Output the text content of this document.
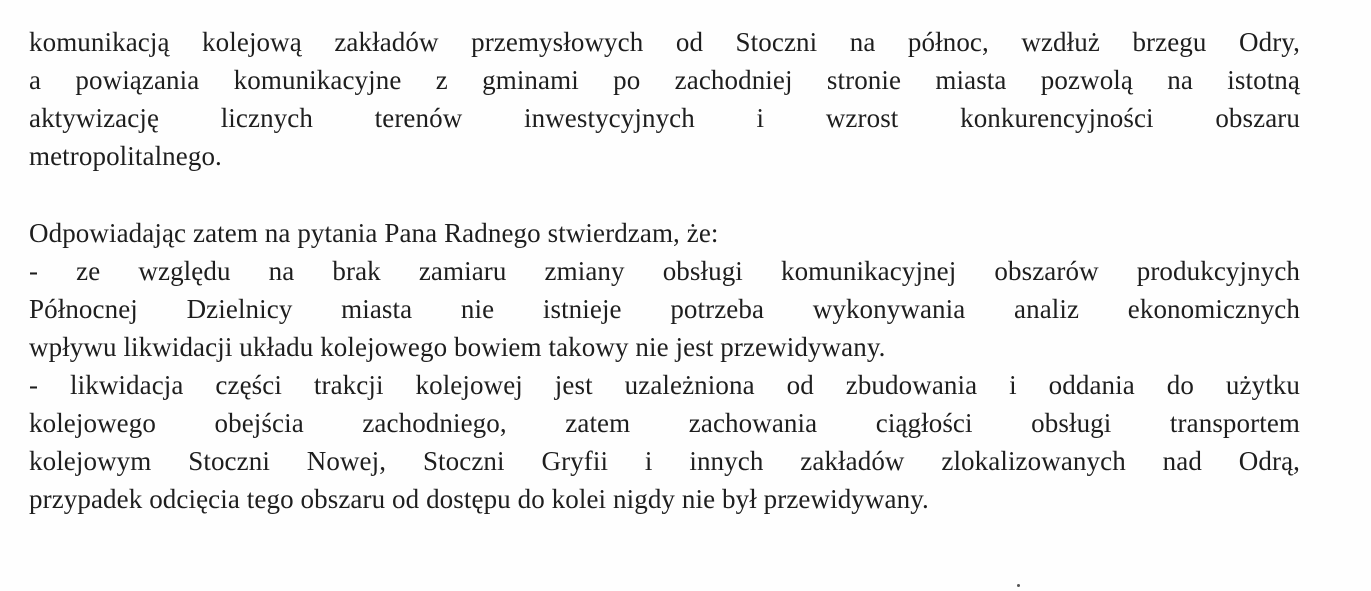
komunikacją kolejową zakładów przemysłowych od Stoczni na północ, wzdłuż brzegu Odry,
a powiązania komunikacyjne z gminami po zachodniej stronie miasta pozwolą na istotną
aktywizację licznych terenów inwestycyjnych i wzrost konkurencyjności obszaru
metropolitalnego.
Odpowiadając zatem na pytania Pana Radnego stwierdzam, że:
- ze względu na brak zamiaru zmiany obsługi komunikacyjnej obszarów produkcyjnych
Północnej Dzielnicy miasta nie istnieje potrzeba wykonywania analiz ekonomicznych
wpływu likwidacji układu kolejowego bowiem takowy nie jest przewidywany.
- likwidacja części trakcji kolejowej jest uzależniona od zbudowania i oddania do użytku
kolejowego obejścia zachodniego, zatem zachowania ciągłości obsługi transportem
kolejowym Stoczni Nowej, Stoczni Gryfii i innych zakładów zlokalizowanych nad Odrą,
przypadek odcięcia tego obszaru od dostępu do kolei nigdy nie był przewidywany.
